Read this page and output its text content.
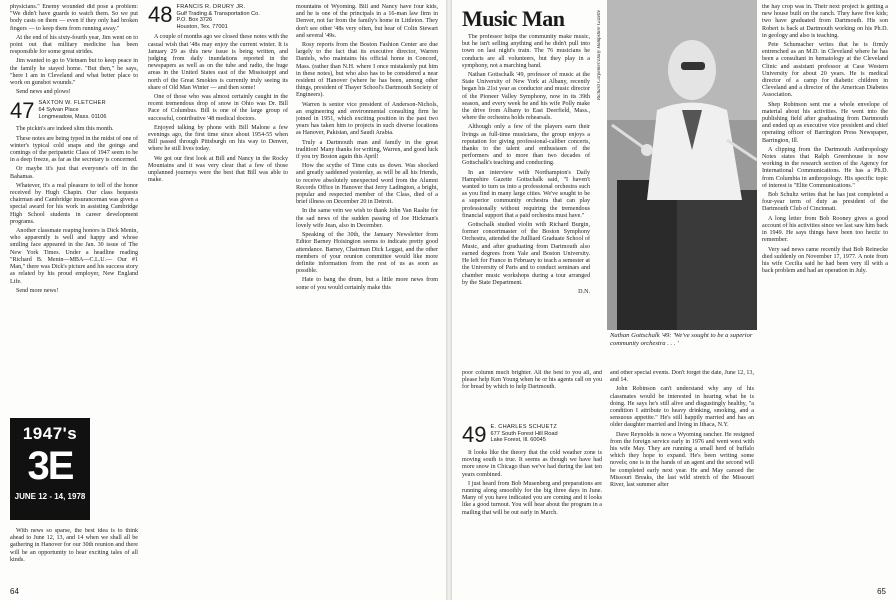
physicians." Enemy wounded did pose a problem: "We didn't have guards to watch them. So we put body casts on them — even if they only had broken fingers — to keep them from running away."

At the end of his sixty-fourth year, Jim went on to point out that military medicine has been responsible for some great strides.

Jim wanted to go to Vietnam but to keep peace in the family he stayed home. "But then," he says, "here I am in Cleveland and what better place to work on gunshot wounds."

Send news and plows!

47 SAXTON W. FLETCHER
64 Sylvan Place
Longmeadow, Mass. 01106

The pickin's are indeed slim this month.

These notes are being typed in the midst of one of winter's typical cold snaps and the goings and comings of the peripatetic Class of 1947 seem to be in a deep freeze, as far as the secretary is concerned.

Or maybe it's just that everyone's off in the Bahamas.

Whatever, it's a real pleasure to tell of the honor received by Hugh Chapin. Our class bequests chairman and Cambridge insuranceman was given a special award for his work in assisting Cambridge High School students in career development programs.

Another classmate reaping honors is Dick Menin, who apparently is well and happy and whose smiling face appeared in the Jan. 30 issue of The New York Times. Under a headline reading "Richard B. Menin—MBA—C.L.U.— Our #1 Man," there was Dick's picture and his success story as related by his proud employer, New England Life.

Send more news!

1947's
3E
JUNE 12 - 14, 1978

With news so sparse, the best idea is to think ahead to June 12, 13, and 14 when we shall all be gathering in Hanover for our 30th reunion and there will be an opportunity to hear exciting tales of all kinds.

48 FRANCIS R. DRURY JR.
Gulf Trading & Transportation Co.
P.O. Box 3726
Houston, Tex. 77001

A couple of months ago we closed these notes with the casual wish that '48s may enjoy the current winter. It is January 29 as this new issue is being written, and judging from daily inundations reported in the newspapers as well as on the tube and radio, the huge areas in the United States east of the Mississippi and north of the Great Smokies is currently truly seeing its share of Old Man Winter — and then some!

One of those who was almost certainly caught in the recent tremendous drop of snow in Ohio was Dr. Bill Pace of Columbus. Bill is one of the large group of successful, contributive '48 medical doctors.

Enjoyed talking by phone with Bill Malone a few evenings ago, the first time since about 1954-55 when Bill passed through Pittsburgh on his way to Denver, where he still lives today.

We got our first look at Bill and Nancy in the Rocky Mountains and it was very clear that a few of those unplanned journeys were the best that Bill was able to make.

mountains of Wyoming. Bill and Nancy have four kids, and he is one of the principals in a 16-man law firm in Denver, not far from the family's home in Littleton. They don't see other '48s very often, but hear of Colin Stewart and several '49s.

Rosy reports from the Boston Fashion Center are due largely to the fact that its executive director, Warren Daniels, who maintains his official home in Concord, Mass. (rather than N.H. where I once mistakenly put him in these notes), but who also has to be considered a near resident of Hanover (where he has been, among other things, president of Thayer School's Dartmouth Society of Engineers).

Warren is senior vice president of Anderson-Nichols, an engineering and environmental consulting firm he joined in 1951, which exciting position in the past two years has taken him to projects in such diverse locations as Hanover, Pakistan, and Saudi Arabia.

Truly a Dartmouth man and family in the great tradition! Many thanks for writing, Warren, and good luck if you try Boston again this April!

How the scythe of Time cuts us down. Was shocked and greatly saddened yesterday, as will be all his friends, to receive absolutely unexpected word from the Alumni Records Office in Hanover that Jerry Ladington, a bright, popular and respected member of the Class, died of a brief illness on December 20 in Detroit.

In the same vein we wish to thank John Van Raalte for the sad news of the sudden passing of Joe Hickman's lovely wife Jean, also in December.

Speaking of the 30th, the January Newsletter from Editor Barney Hoisington seems to indicate pretty good attendance. Barney, Chairman Dick Leggat, and the other members of your reunion committee would like more definite information from the rest of us as soon as possible.

Hate to bang the drum, but a little more news from some of you would certainly make this

64
Music Man

The professor helps the community make music, but he isn't selling anything and he didn't pull into town on last night's train. The 76 musicians he conducts are all volunteers, but they play in a symphony, not a marching band.

Nathan Gottschalk '49, professor of music at the State University of New York at Albany, recently began his 21st year as conductor and music director of the Pioneer Valley Symphony, now in its 39th season, and every week he and his wife Polly make the drive from Albany to East Deerfield, Mass., where the orchestra holds rehearsals.

Although only a few of the players earn their livings as full-time musicians, the group enjoys a reputation for giving professional-caliber concerts, thanks to the talent and enthusiasm of the performers and to more than two decades of Gottschalk's teaching and conducting.

In an interview with Northampton's Daily Hampshire Gazette Gottschalk said, "I haven't wanted to turn us into a professional orchestra such as you find in many large cities. We've sought to be a superior community orchestra that can play professionally without requiring the tremendous financial support that a paid orchestra must have."

Gottschalk studied violin with Richard Burgin, former concertmaster of the Boston Symphony Orchestra, attended the Juilliard Graduate School of Music, and after graduating from Dartmouth also earned degrees from Yale and Boston University. He left for France in February to teach a semester at the University of Paris and to conduct seminars and chamber music workshops during a tour arranged by the State Department.

D.N.

Richard Carpenter/Daily Hampshire Gazette
Nathan Gottschalk '49: 'We've sought to be a superior community orchestra . . . '

poor column much brighter. All the best to you all, and please help Ken Young when he or his agents call on you for bread by which to help Dartmouth.

49 E. CHARLES SCHUETZ
677 South Forest Hill Road
Lake Forest, Ill. 60045

It looks like the theory that the cold weather zone is moving south is true. It seems as though we have had more snow in Chicago than we've had during the last ten years combined.

I just heard from Bob Musenberg and preparations are running along smoothly for the big three days in June. Many of you have indicated you are coming and it looks like a good turnout. You will hear about the program in a mailing that will be out early in March.

and other special events. Don't forget the date, June 12, 13, and 14.

John Robinson can't understand why any of his classmates would be interested in hearing what he is doing. He says he's still alive and disgustingly healthy, "a condition I attribute to heavy drinking, smoking, and a sensuous appetite." He's still happily married and has an older daughter married and living in Ithaca, N.Y.

Dave Reynolds is now a Wyoming rancher. He resigned from the foreign service early in 1976 and went west with his wife May. They are running a small herd of buffalo which they hope to expand. He's been writing some novels; one is in the hands of an agent and the second will be completed early next year. He and May canoed the Missouri Breaks, the last wild stretch of the Missouri River, last summer after

the hay crop was in. Their next project is getting a new house built on the ranch. They have five kids; two have graduated from Dartmouth. His son Robert is back at Dartmouth working on his Ph.D. in geology and also is teaching.

Pete Schumacher writes that he is firmly entrenched as an M.D. in Cleveland where he has been a consultant in hematology at the Cleveland Clinic and assistant professor at Case Western University for about 20 years. He is medical director of a camp for diabetic children in Cleveland and a director of the American Diabetes Association.

Shep Robinson sent me a whole envelope of material about his activities. He went into the publishing field after graduating from Dartmouth and ended up as executive vice president and chief operating officer of Barrington Press Newspaper, Barrington, Ill.

A clipping from the Dartmouth Anthropology Notes states that Ralph Greenhouse is now working in the research section of the Agency for International Communications. He has a Ph.D. from Columbia in anthropology. His specific topic of interest is "Elite Communications."

Bob Schultz writes that he has just completed a four-year term of duty as president of the Dartmouth Club of Cincinnati.

A long letter from Bob Rooney gives a good account of his activities since we last saw him back in 1949. He says things have been too hectic to remember.

Very sad news came recently that Bob Reinecke died suddenly on November 17, 1977. A note from his wife Cecilia said he had been very ill with a back problem and had an operation in July.

65
